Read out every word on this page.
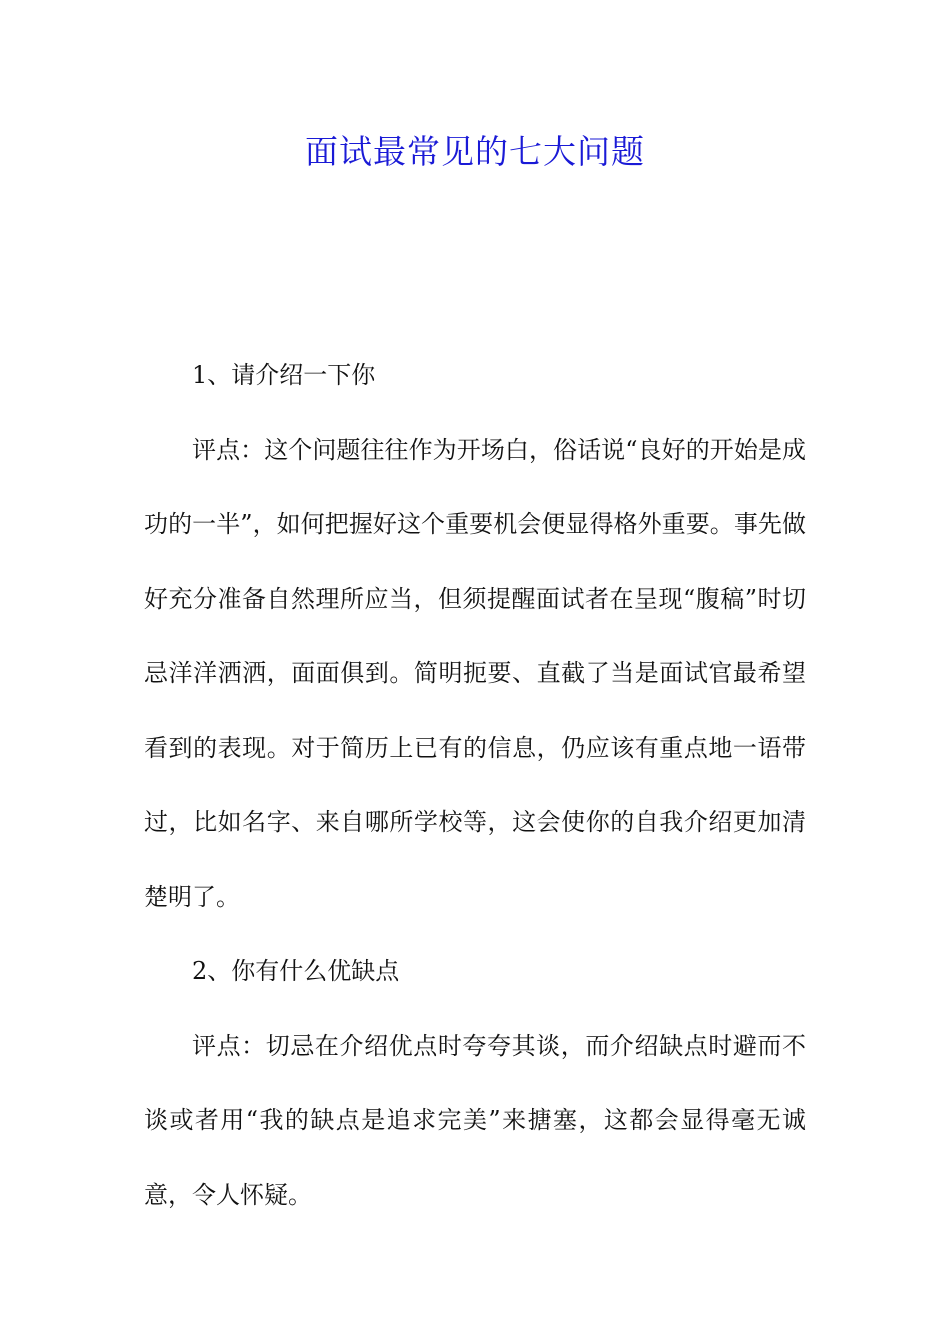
面试最常见的七大问题

1、请介绍一下你

评点：这个问题往往作为开场白，俗话说“良好的开始是成功的一半”，如何把握好这个重要机会便显得格外重要。事先做好充分准备自然理所应当，但须提醒面试者在呈现“腹稿”时切忌洋洋洒洒，面面俱到。简明扼要、直截了当是面试官最希望看到的表现。对于简历上已有的信息，仍应该有重点地一语带过，比如名字、来自哪所学校等，这会使你的自我介绍更加清楚明了。

2、你有什么优缺点

评点：切忌在介绍优点时夸夸其谈，而介绍缺点时避而不谈或者用“我的缺点是追求完美”来搪塞，这都会显得毫无诚意，令人怀疑。
